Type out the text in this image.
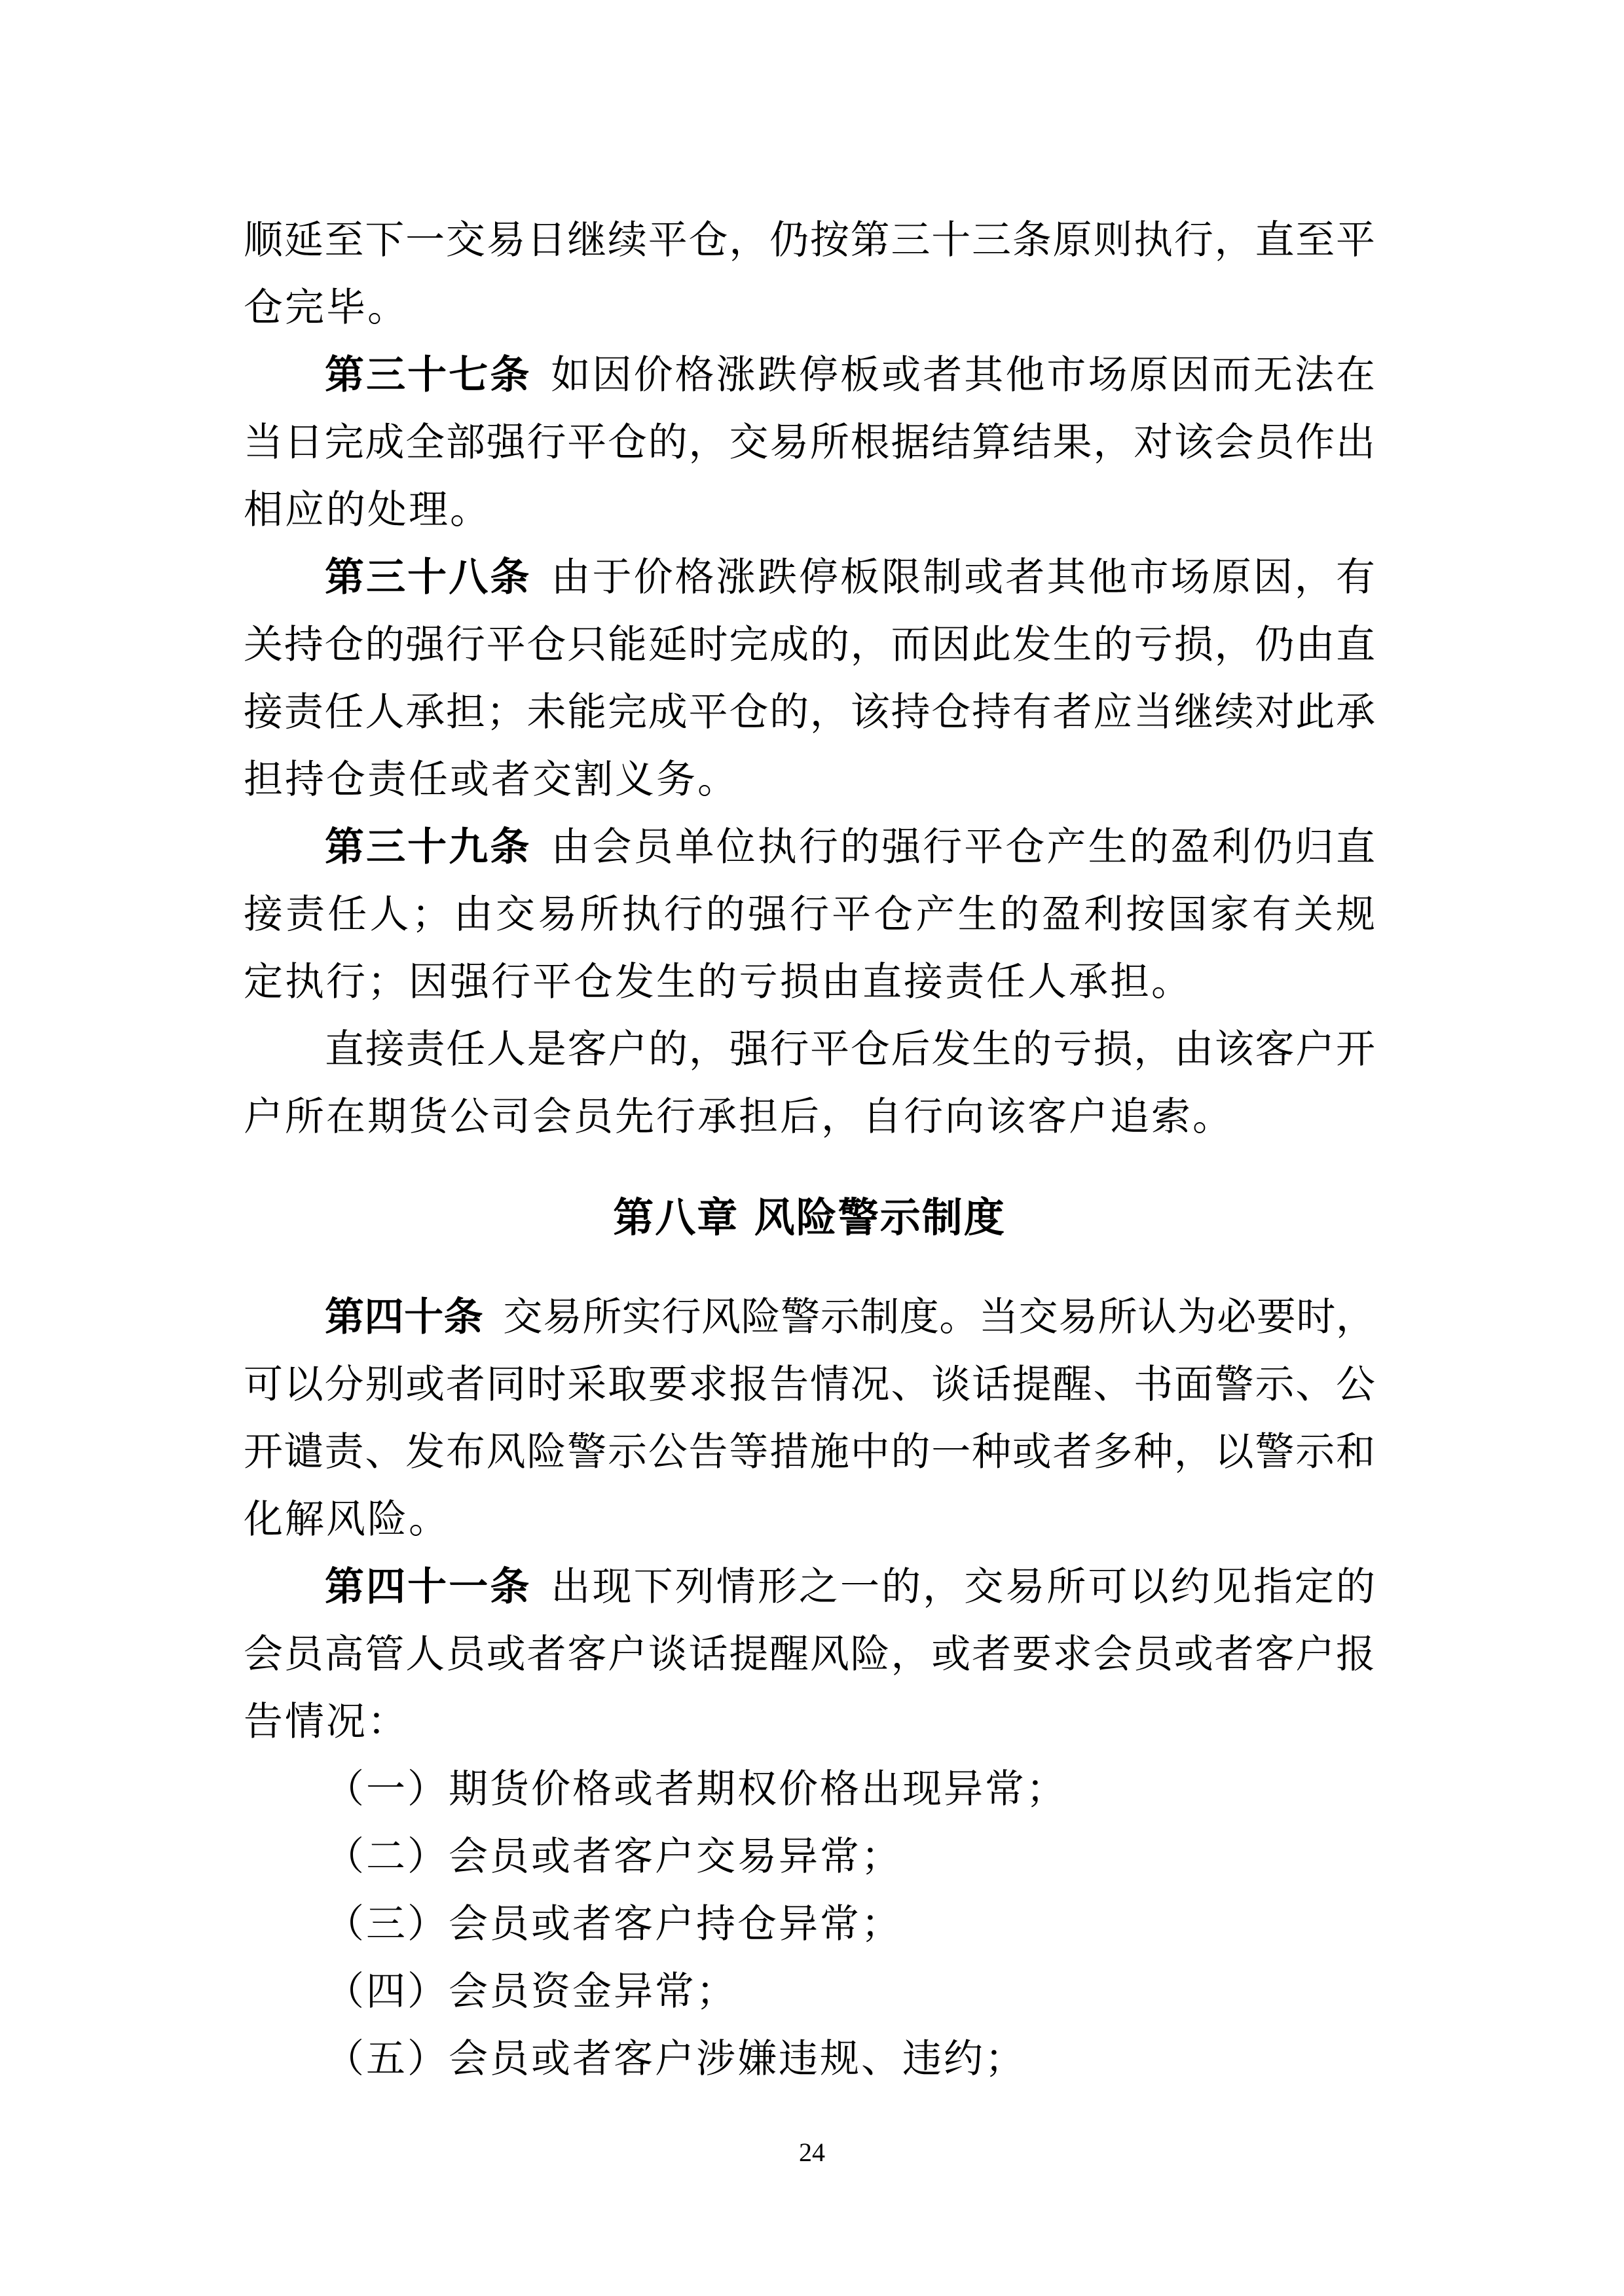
顺延至下一交易日继续平仓，仍按第三十三条原则执行，直至平
仓完毕。
第三十七条 如因价格涨跌停板或者其他市场原因而无法在
当日完成全部强行平仓的，交易所根据结算结果，对该会员作出
相应的处理。
第三十八条 由于价格涨跌停板限制或者其他市场原因，有
关持仓的强行平仓只能延时完成的，而因此发生的亏损，仍由直
接责任人承担；未能完成平仓的，该持仓持有者应当继续对此承
担持仓责任或者交割义务。
第三十九条 由会员单位执行的强行平仓产生的盈利仍归直
接责任人；由交易所执行的强行平仓产生的盈利按国家有关规
定执行；因强行平仓发生的亏损由直接责任人承担。
直接责任人是客户的，强行平仓后发生的亏损，由该客户开
户所在期货公司会员先行承担后，自行向该客户追索。
第八章 风险警示制度
第四十条 交易所实行风险警示制度。当交易所认为必要时，
可以分别或者同时采取要求报告情况、谈话提醒、书面警示、公
开谴责、发布风险警示公告等措施中的一种或者多种，以警示和
化解风险。
第四十一条 出现下列情形之一的，交易所可以约见指定的
会员高管人员或者客户谈话提醒风险，或者要求会员或者客户报
告情况：
（一）期货价格或者期权价格出现异常；
（二）会员或者客户交易异常；
（三）会员或者客户持仓异常；
（四）会员资金异常；
（五）会员或者客户涉嫌违规、违约；
24
